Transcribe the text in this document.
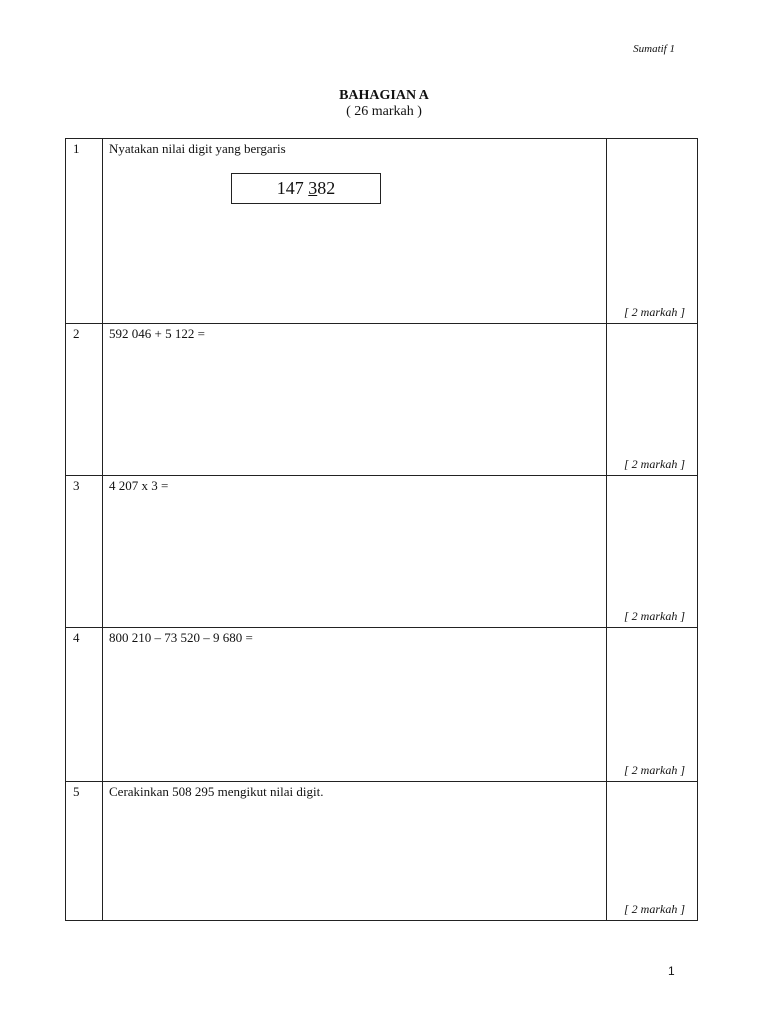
Sumatif 1
BAHAGIAN A
( 26 markah )
1	Nyatakan nilai digit yang bergaris
147 382	[ 2 markah ]

2	592 046 + 5 122 =	[ 2 markah ]

3	4 207 x 3 =	[ 2 markah ]

4	800 210 – 73 520 – 9 680 =	[ 2 markah ]

5	Cerakinkan 508 295 mengikut nilai digit.	[ 2 markah ]
1
